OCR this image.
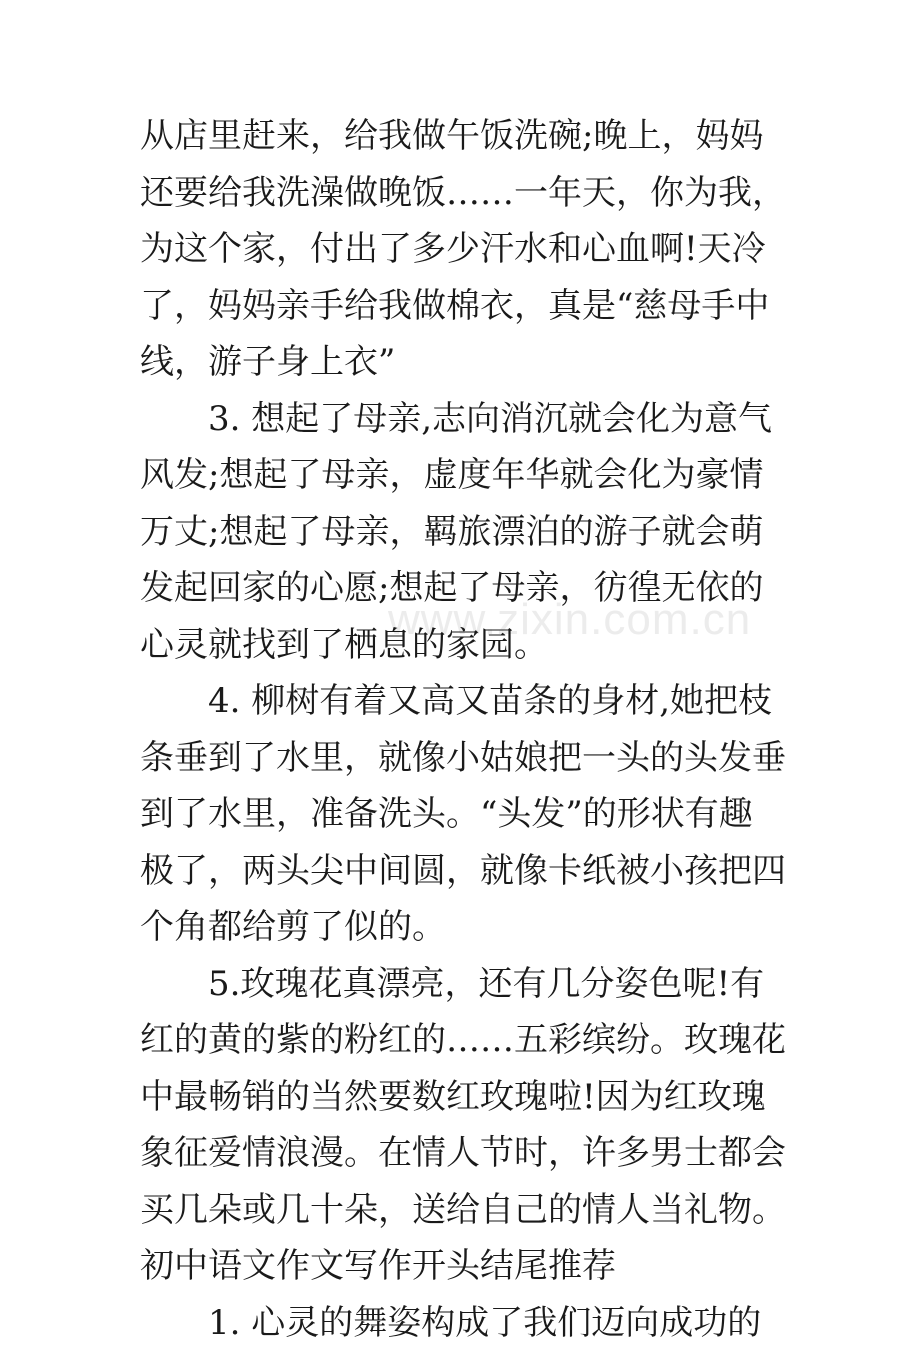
www.zixin.com.cn
从店里赶来，给我做午饭洗碗;晚上，妈妈
还要给我洗澡做晚饭……一年天，你为我，
为这个家，付出了多少汗水和心血啊!天冷
了，妈妈亲手给我做棉衣，真是“慈母手中
线，游子身上衣”
3. 想起了母亲,志向消沉就会化为意气
风发;想起了母亲，虚度年华就会化为豪情
万丈;想起了母亲，羁旅漂泊的游子就会萌
发起回家的心愿;想起了母亲，彷徨无依的
心灵就找到了栖息的家园。
4. 柳树有着又高又苗条的身材,她把枝
条垂到了水里，就像小姑娘把一头的头发垂
到了水里，准备洗头。“头发”的形状有趣
极了，两头尖中间圆，就像卡纸被小孩把四
个角都给剪了似的。
5.玫瑰花真漂亮，还有几分姿色呢!有
红的黄的紫的粉红的……五彩缤纷。玫瑰花
中最畅销的当然要数红玫瑰啦!因为红玫瑰
象征爱情浪漫。在情人节时，许多男士都会
买几朵或几十朵，送给自己的情人当礼物。
初中语文作文写作开头结尾推荐
1. 心灵的舞姿构成了我们迈向成功的
